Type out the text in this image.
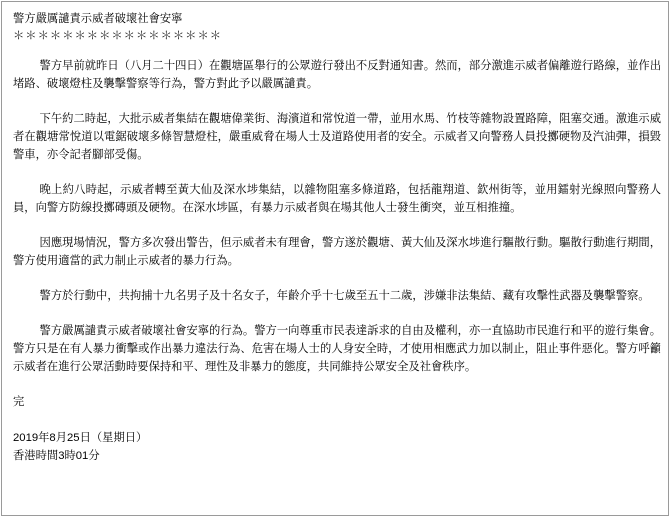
警方嚴厲譴責示威者破壞社會安寧
＊＊＊＊＊＊＊＊＊＊＊＊＊＊＊＊＊

警方早前就昨日（八月二十四日）在觀塘區舉行的公眾遊行發出不反對通知書。然而，部分激進示威者偏離遊行路線，並作出堵路、破壞燈柱及襲擊警察等行為，警方對此予以嚴厲譴責。

下午約二時起，大批示威者集結在觀塘偉業街、海濱道和常悅道一帶，並用水馬、竹枝等雜物設置路障，阻塞交通。激進示威者在觀塘常悅道以電鋸破壞多條智慧燈柱，嚴重威脅在場人士及道路使用者的安全。示威者又向警務人員投擲硬物及汽油彈，損毀警車，亦令記者腳部受傷。

晚上約八時起，示威者轉至黃大仙及深水埗集結，以雜物阻塞多條道路，包括龍翔道、欽州街等，並用鐳射光線照向警務人員，向警方防線投擲磚頭及硬物。在深水埗區，有暴力示威者與在場其他人士發生衝突，並互相推撞。

因應現場情況，警方多次發出警告，但示威者未有理會，警方遂於觀塘、黃大仙及深水埗進行驅散行動。驅散行動進行期間，警方使用適當的武力制止示威者的暴力行為。

警方於行動中，共拘捕十九名男子及十名女子，年齡介乎十七歲至五十二歲，涉嫌非法集結、藏有攻擊性武器及襲擊警察。

警方嚴厲譴責示威者破壞社會安寧的行為。警方一向尊重市民表達訴求的自由及權利，亦一直協助市民進行和平的遊行集會。警方只是在有人暴力衝擊或作出暴力違法行為、危害在場人士的人身安全時，才使用相應武力加以制止，阻止事件惡化。警方呼籲示威者在進行公眾活動時要保持和平、理性及非暴力的態度，共同維持公眾安全及社會秩序。

完

2019年8月25日（星期日）

香港時間3時01分
